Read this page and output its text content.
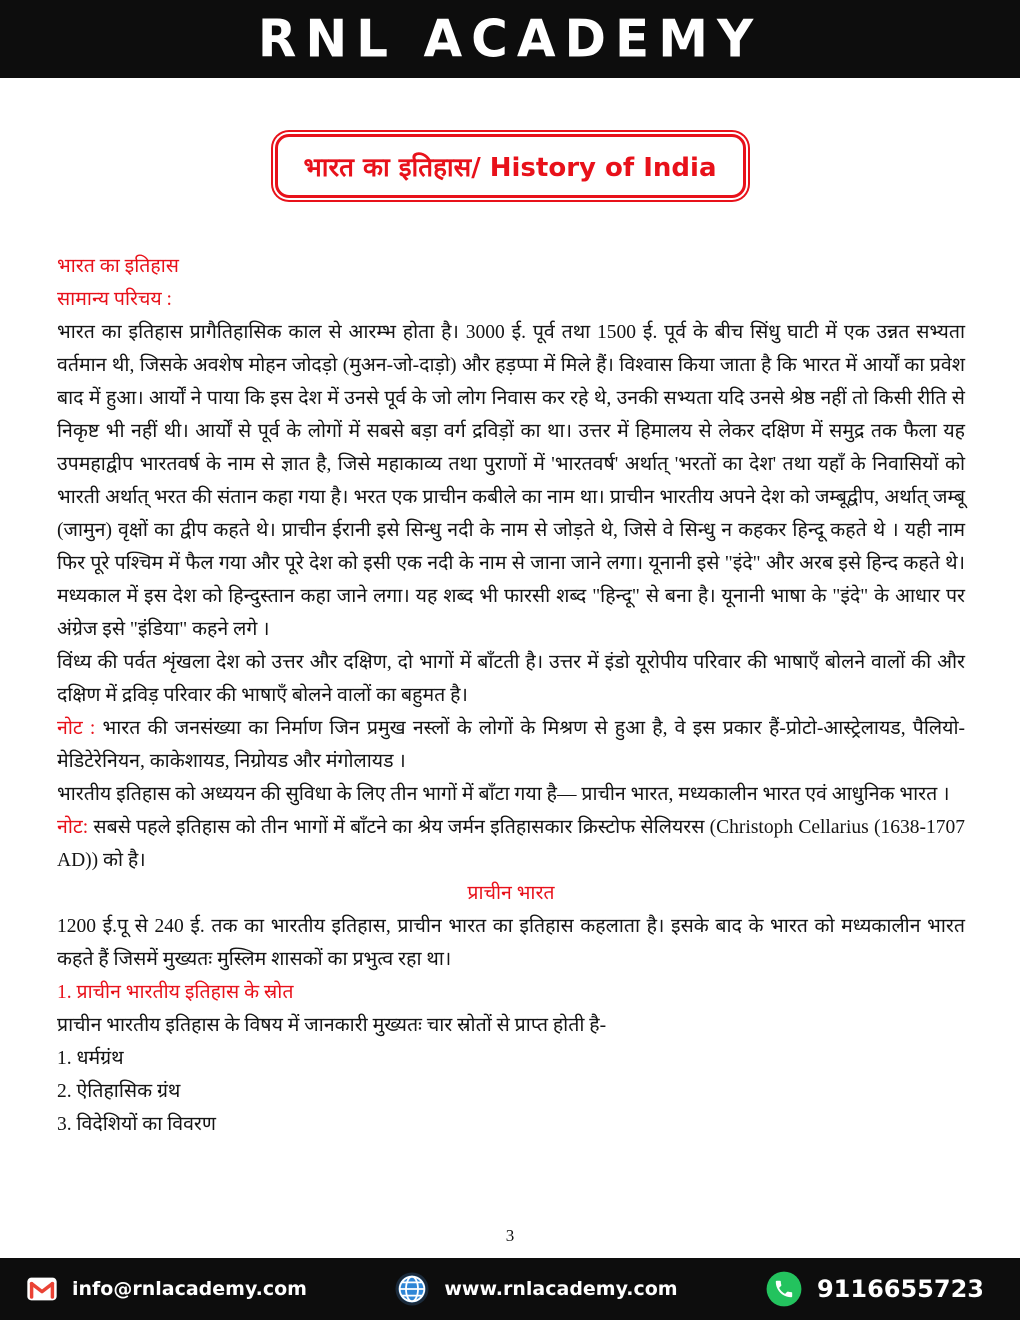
RNL ACADEMY
भारत का इतिहास/ History of India

भारत का इतिहास

सामान्य परिचय :

भारत का इतिहास प्रागैतिहासिक काल से आरम्भ होता है। 3000 ई. पूर्व तथा 1500 ई. पूर्व के बीच सिंधु घाटी में एक उन्नत सभ्यता वर्तमान थी, जिसके अवशेष मोहन जोदड़ो (मुअन-जो-दाड़ो) और हड़प्पा में मिले हैं। विश्वास किया जाता है कि भारत में आर्यों का प्रवेश बाद में हुआ। आर्यों ने पाया कि इस देश में उनसे पूर्व के जो लोग निवास कर रहे थे, उनकी सभ्यता यदि उनसे श्रेष्ठ नहीं तो किसी रीति से निकृष्ट भी नहीं थी। आर्यों से पूर्व के लोगों में सबसे बड़ा वर्ग द्रविड़ों का था। उत्तर में हिमालय से लेकर दक्षिण में समुद्र तक फैला यह उपमहाद्वीप भारतवर्ष के नाम से ज्ञात है, जिसे महाकाव्य तथा पुराणों में 'भारतवर्ष' अर्थात् 'भरतों का देश' तथा यहाँ के निवासियों को भारती अर्थात् भरत की संतान कहा गया है। भरत एक प्राचीन कबीले का नाम था। प्राचीन भारतीय अपने देश को जम्बूद्वीप, अर्थात् जम्बू (जामुन) वृक्षों का द्वीप कहते थे। प्राचीन ईरानी इसे सिन्धु नदी के नाम से जोड़ते थे, जिसे वे सिन्धु न कहकर हिन्दू कहते थे । यही नाम फिर पूरे पश्चिम में फैल गया और पूरे देश को इसी एक नदी के नाम से जाना जाने लगा। यूनानी इसे "इंदे" और अरब इसे हिन्द कहते थे। मध्यकाल में इस देश को हिन्दुस्तान कहा जाने लगा। यह शब्द भी फारसी शब्द "हिन्दू" से बना है। यूनानी भाषा के "इंदे" के आधार पर अंग्रेज इसे "इंडिया" कहने लगे ।

विंध्य की पर्वत शृंखला देश को उत्तर और दक्षिण, दो भागों में बाँटती है। उत्तर में इंडो यूरोपीय परिवार की भाषाएँ बोलने वालों की और दक्षिण में द्रविड़ परिवार की भाषाएँ बोलने वालों का बहुमत है।

नोट : भारत की जनसंख्या का निर्माण जिन प्रमुख नस्लों के लोगों के मिश्रण से हुआ है, वे इस प्रकार हैं-प्रोटो-आस्ट्रेलायड, पैलियो- मेडिटेरेनियन, काकेशायड, निग्रोयड और मंगोलायड ।

भारतीय इतिहास को अध्ययन की सुविधा के लिए तीन भागों में बाँटा गया है— प्राचीन भारत, मध्यकालीन भारत एवं आधुनिक भारत ।

नोट: सबसे पहले इतिहास को तीन भागों में बाँटने का श्रेय जर्मन इतिहासकार क्रिस्टोफ सेलियरस (Christoph Cellarius (1638-1707 AD)) को है।

प्राचीन भारत

1200 ई.पू से 240 ई. तक का भारतीय इतिहास, प्राचीन भारत का इतिहास कहलाता है। इसके बाद के भारत को मध्यकालीन भारत कहते हैं जिसमें मुख्यतः मुस्लिम शासकों का प्रभुत्व रहा था।

1. प्राचीन भारतीय इतिहास के स्रोत

प्राचीन भारतीय इतिहास के विषय में जानकारी मुख्यतः चार स्रोतों से प्राप्त होती है-

1. धर्मग्रंथ

2. ऐतिहासिक ग्रंथ

3. विदेशियों का विवरण

3
info@rnlacademy.com	www.rnlacademy.com	9116655723
